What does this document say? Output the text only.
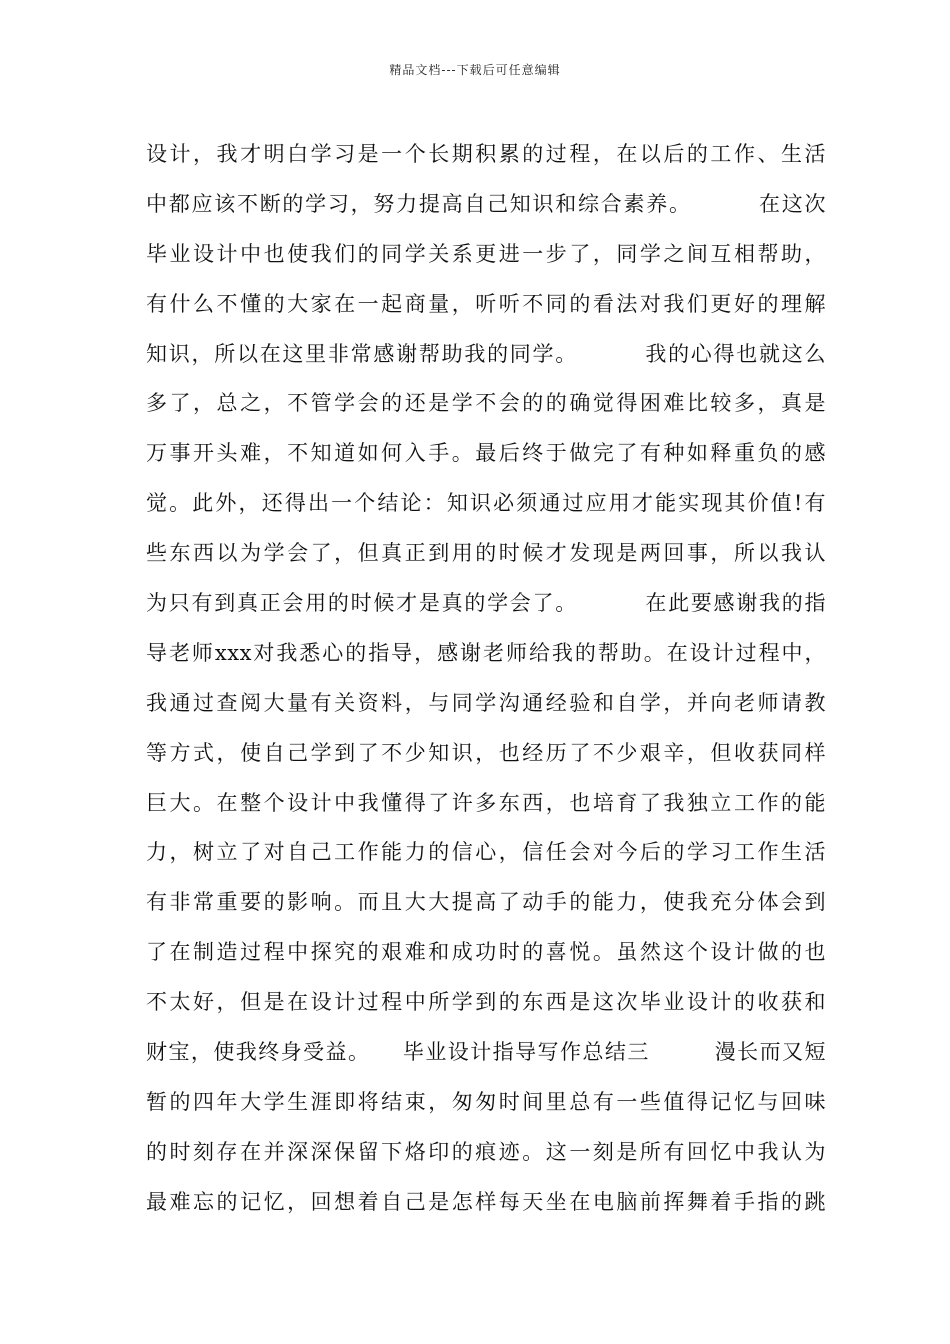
精品文档---下载后可任意编辑
设计，我才明白学习是一个长期积累的过程，在以后的工作、生活
中都应该不断的学习，努力提高自己知识和综合素养。        在这次
毕业设计中也使我们的同学关系更进一步了，同学之间互相帮助，
有什么不懂的大家在一起商量，听听不同的看法对我们更好的理解
知识，所以在这里非常感谢帮助我的同学。        我的心得也就这么
多了，总之，不管学会的还是学不会的的确觉得困难比较多，真是
万事开头难，不知道如何入手。最后终于做完了有种如释重负的感
觉。此外，还得出一个结论：知识必须通过应用才能实现其价值!有
些东西以为学会了，但真正到用的时候才发现是两回事，所以我认
为只有到真正会用的时候才是真的学会了。        在此要感谢我的指
导老师xxx对我悉心的指导，感谢老师给我的帮助。在设计过程中，
我通过查阅大量有关资料，与同学沟通经验和自学，并向老师请教
等方式，使自己学到了不少知识，也经历了不少艰辛，但收获同样
巨大。在整个设计中我懂得了许多东西，也培育了我独立工作的能
力，树立了对自己工作能力的信心，信任会对今后的学习工作生活
有非常重要的影响。而且大大提高了动手的能力，使我充分体会到
了在制造过程中探究的艰难和成功时的喜悦。虽然这个设计做的也
不太好，但是在设计过程中所学到的东西是这次毕业设计的收获和
财宝，使我终身受益。    毕业设计指导写作总结三        漫长而又短
暂的四年大学生涯即将结束，匆匆时间里总有一些值得记忆与回味
的时刻存在并深深保留下烙印的痕迹。这一刻是所有回忆中我认为
最难忘的记忆，回想着自己是怎样每天坐在电脑前挥舞着手指的跳
